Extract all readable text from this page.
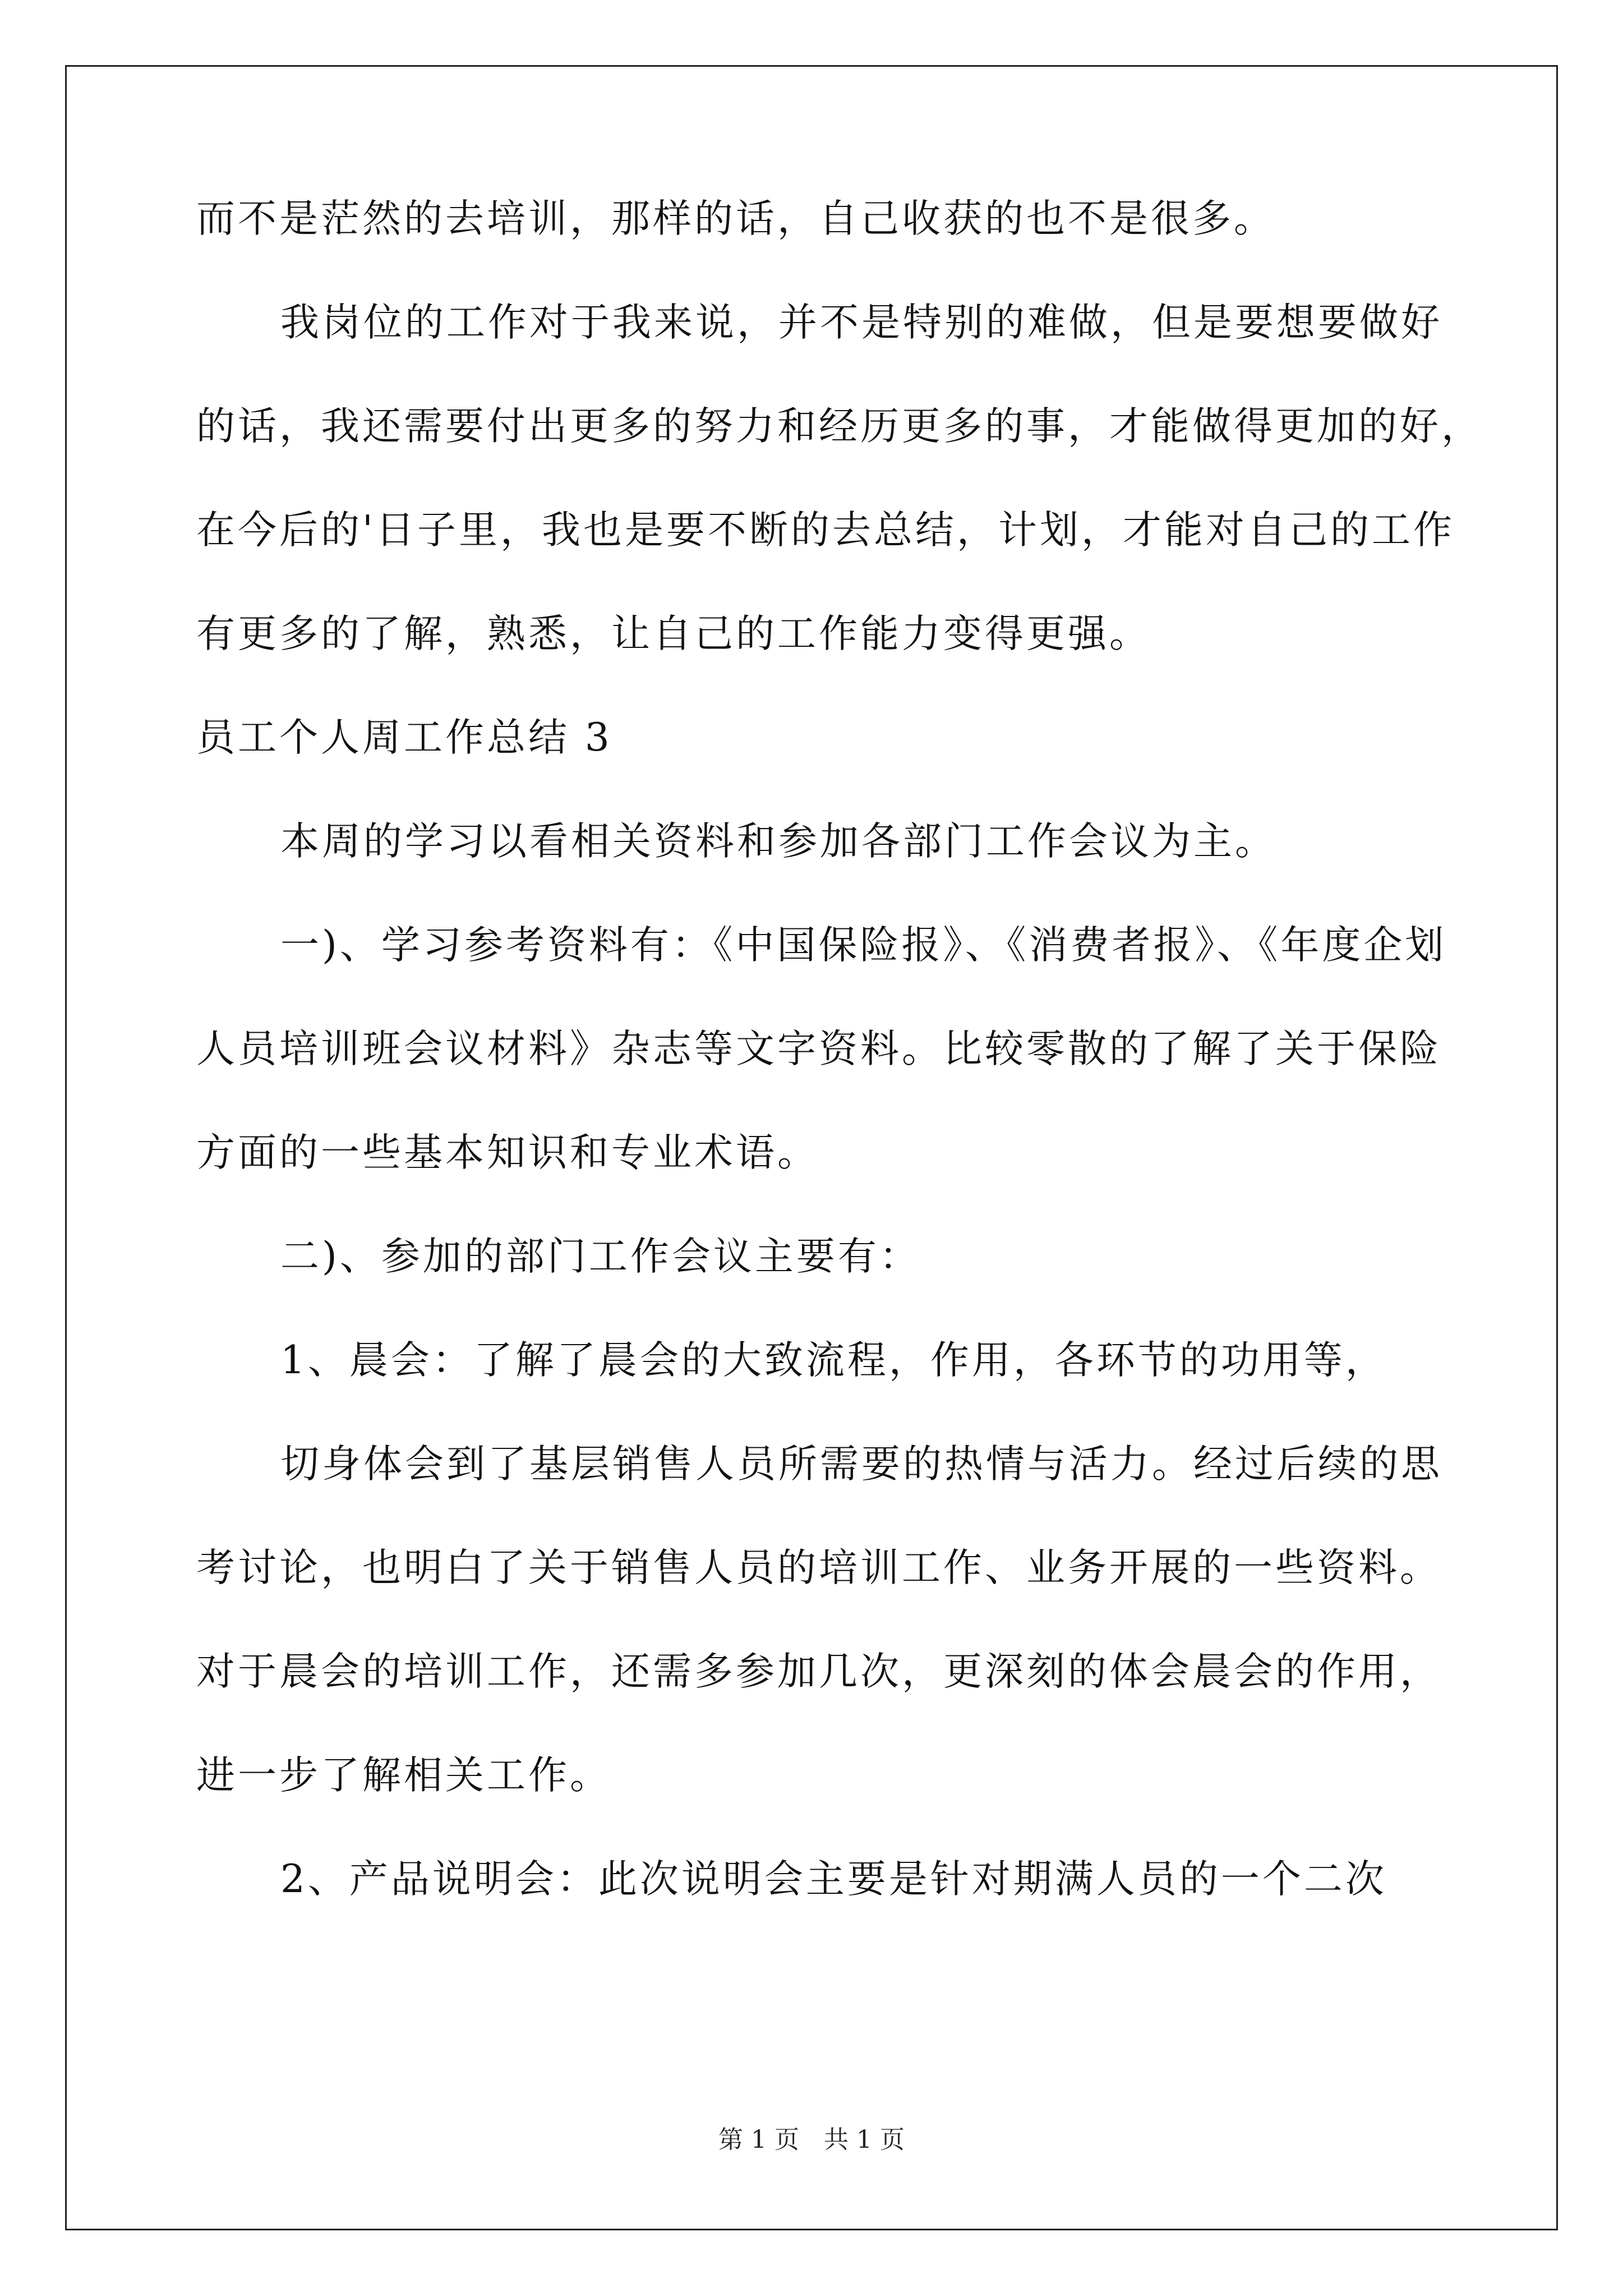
而不是茫然的去培训，那样的话，自己收获的也不是很多。
我岗位的工作对于我来说，并不是特别的难做，但是要想要做好
的话，我还需要付出更多的努力和经历更多的事，才能做得更加的好，
在今后的'日子里，我也是要不断的去总结，计划，才能对自己的工作
有更多的了解，熟悉，让自己的工作能力变得更强。
员工个人周工作总结 3
本周的学习以看相关资料和参加各部门工作会议为主。
一)、学习参考资料有：《中国保险报》、《消费者报》、《年度企划
人员培训班会议材料》杂志等文字资料。比较零散的了解了关于保险
方面的一些基本知识和专业术语。
二)、参加的部门工作会议主要有：
1、晨会：了解了晨会的大致流程，作用，各环节的功用等，
切身体会到了基层销售人员所需要的热情与活力。经过后续的思
考讨论，也明白了关于销售人员的培训工作、业务开展的一些资料。
对于晨会的培训工作，还需多参加几次，更深刻的体会晨会的作用，
进一步了解相关工作。
2、产品说明会：此次说明会主要是针对期满人员的一个二次
第 1 页 共 1 页
